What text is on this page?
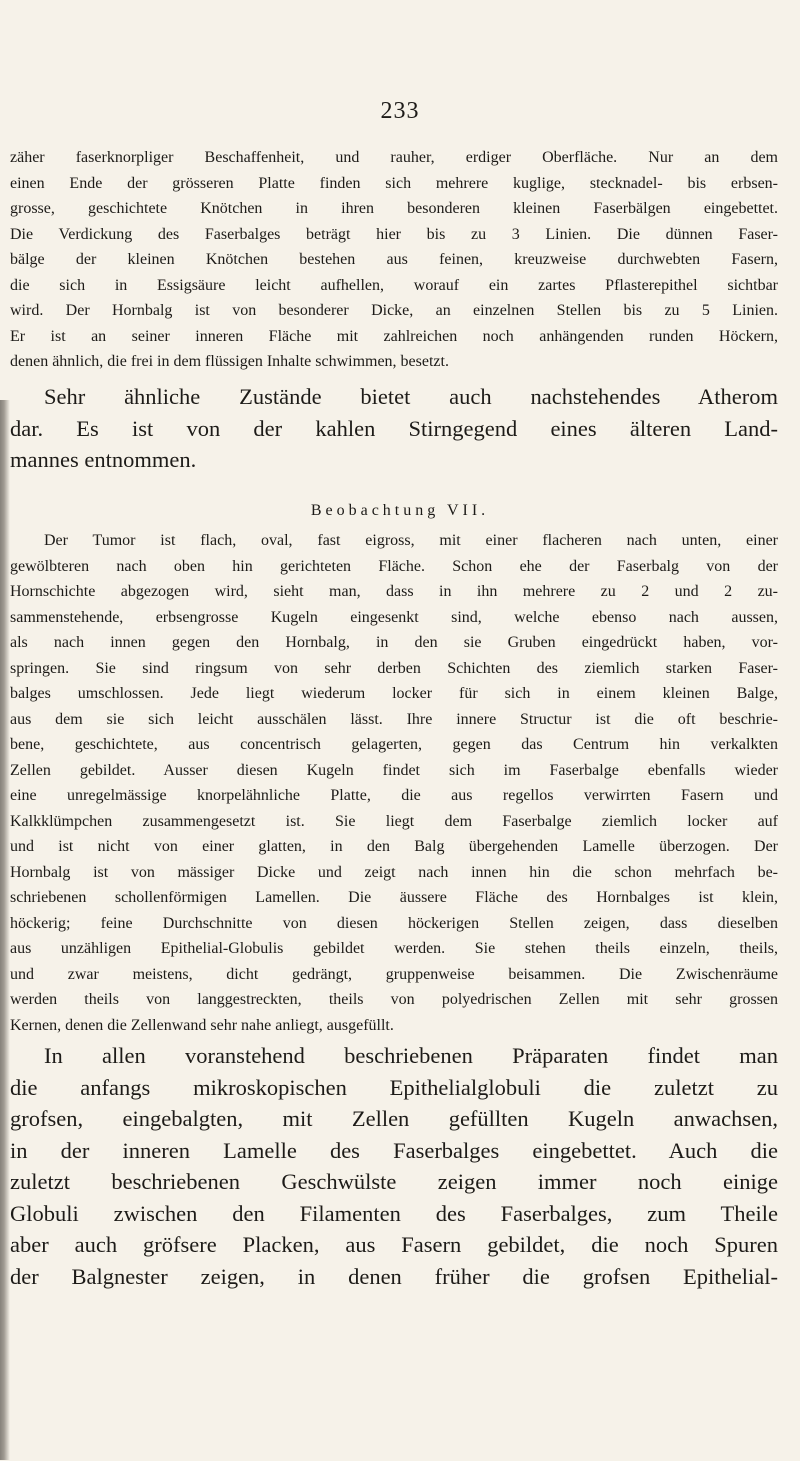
233
zäher faserknorpliger Beschaffenheit, und rauher, erdiger Oberfläche. Nur an dem
einen Ende der grösseren Platte finden sich mehrere kuglige, stecknadel- bis erbsen-
grosse, geschichtete Knötchen in ihren besonderen kleinen Faserbälgen eingebettet.
Die Verdickung des Faserbalges beträgt hier bis zu 3 Linien. Die dünnen Faser-
bälge der kleinen Knötchen bestehen aus feinen, kreuzweise durchwebten Fasern,
die sich in Essigsäure leicht aufhellen, worauf ein zartes Pflasterepithel sichtbar
wird. Der Hornbalg ist von besonderer Dicke, an einzelnen Stellen bis zu 5 Linien.
Er ist an seiner inneren Fläche mit zahlreichen noch anhängenden runden Höckern,
denen ähnlich, die frei in dem flüssigen Inhalte schwimmen, besetzt.
Sehr ähnliche Zustände bietet auch nachstehendes Atherom
dar. Es ist von der kahlen Stirngegend eines älteren Land-
mannes entnommen.
Beobachtung VII.
Der Tumor ist flach, oval, fast eigross, mit einer flacheren nach unten, einer
gewölbteren nach oben hin gerichteten Fläche. Schon ehe der Faserbalg von der
Hornschichte abgezogen wird, sieht man, dass in ihn mehrere zu 2 und 2 zu-
sammenstehende, erbsengrosse Kugeln eingesenkt sind, welche ebenso nach aussen,
als nach innen gegen den Hornbalg, in den sie Gruben eingedrückt haben, vor-
springen. Sie sind ringsum von sehr derben Schichten des ziemlich starken Faser-
balges umschlossen. Jede liegt wiederum locker für sich in einem kleinen Balge,
aus dem sie sich leicht ausschälen lässt. Ihre innere Structur ist die oft beschrie-
bene, geschichtete, aus concentrisch gelagerten, gegen das Centrum hin verkalkten
Zellen gebildet. Ausser diesen Kugeln findet sich im Faserbalge ebenfalls wieder
eine unregelmässige knorpelähnliche Platte, die aus regellos verwirrten Fasern und
Kalkklümpchen zusammengesetzt ist. Sie liegt dem Faserbalge ziemlich locker auf
und ist nicht von einer glatten, in den Balg übergehenden Lamelle überzogen. Der
Hornbalg ist von mässiger Dicke und zeigt nach innen hin die schon mehrfach be-
schriebenen schollenförmigen Lamellen. Die äussere Fläche des Hornbalges ist klein,
höckerig; feine Durchschnitte von diesen höckerigen Stellen zeigen, dass dieselben
aus unzähligen Epithelial-Globulis gebildet werden. Sie stehen theils einzeln, theils,
und zwar meistens, dicht gedrängt, gruppenweise beisammen. Die Zwischenräume
werden theils von langgestreckten, theils von polyedrischen Zellen mit sehr grossen
Kernen, denen die Zellenwand sehr nahe anliegt, ausgefüllt.
In allen voranstehend beschriebenen Präparaten findet man
die anfangs mikroskopischen Epithelialglobuli die zuletzt zu
grofsen, eingebalgten, mit Zellen gefüllten Kugeln anwachsen,
in der inneren Lamelle des Faserbalges eingebettet. Auch die
zuletzt beschriebenen Geschwülste zeigen immer noch einige
Globuli zwischen den Filamenten des Faserbalges, zum Theile
aber auch gröfsere Placken, aus Fasern gebildet, die noch Spuren
der Balgnester zeigen, in denen früher die grofsen Epithelial-
